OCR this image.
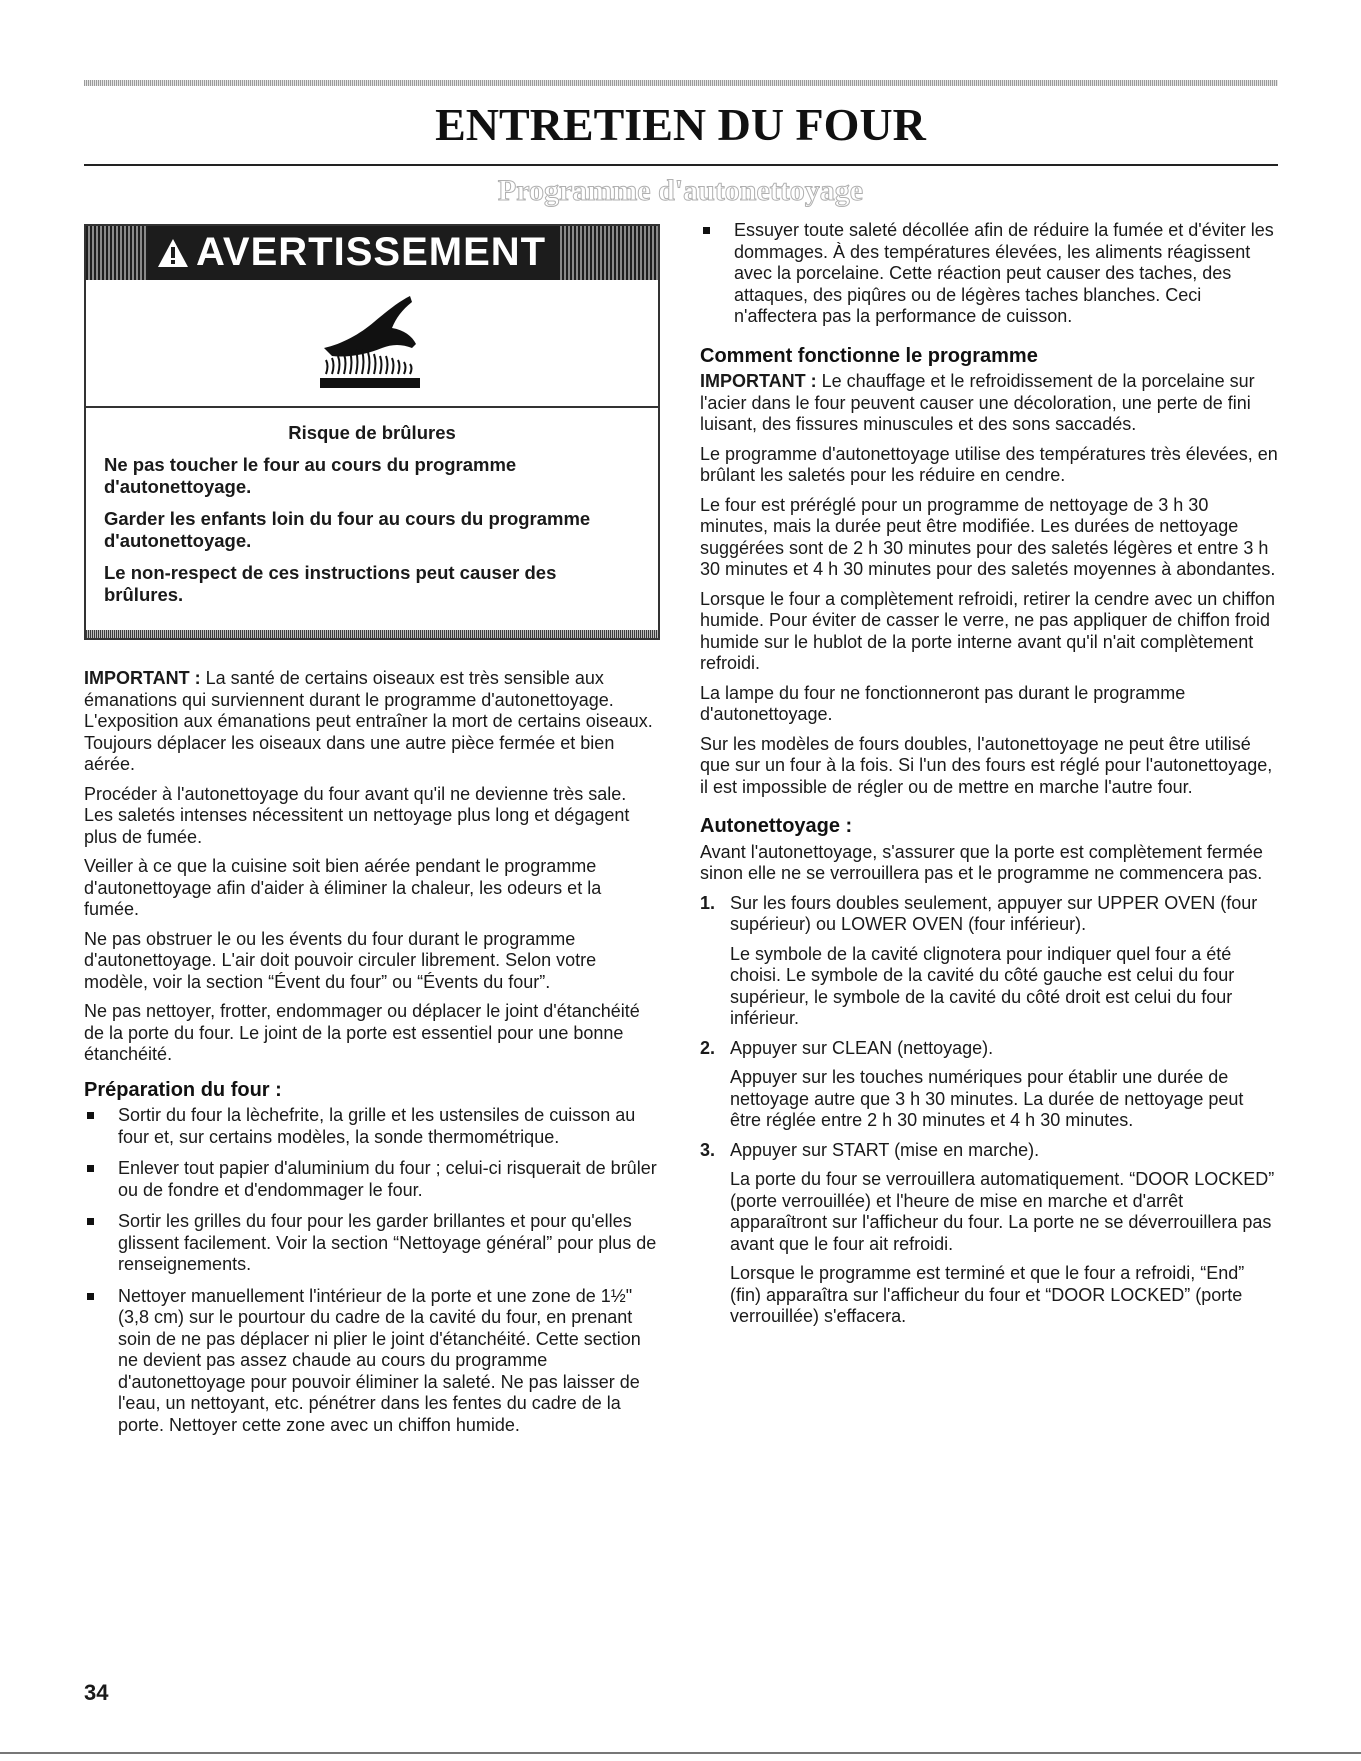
ENTRETIEN DU FOUR
Programme d'autonettoyage
AVERTISSEMENT

Risque de brûlures

Ne pas toucher le four au cours du programme d'autonettoyage.

Garder les enfants loin du four au cours du programme d'autonettoyage.

Le non-respect de ces instructions peut causer des brûlures.

IMPORTANT : La santé de certains oiseaux est très sensible aux émanations qui surviennent durant le programme d'autonettoyage. L'exposition aux émanations peut entraîner la mort de certains oiseaux. Toujours déplacer les oiseaux dans une autre pièce fermée et bien aérée.

Procéder à l'autonettoyage du four avant qu'il ne devienne très sale. Les saletés intenses nécessitent un nettoyage plus long et dégagent plus de fumée.

Veiller à ce que la cuisine soit bien aérée pendant le programme d'autonettoyage afin d'aider à éliminer la chaleur, les odeurs et la fumée.

Ne pas obstruer le ou les évents du four durant le programme d'autonettoyage. L'air doit pouvoir circuler librement. Selon votre modèle, voir la section “Évent du four” ou “Évents du four”.

Ne pas nettoyer, frotter, endommager ou déplacer le joint d'étanchéité de la porte du four. Le joint de la porte est essentiel pour une bonne étanchéité.

Préparation du four :
Sortir du four la lèchefrite, la grille et les ustensiles de cuisson au four et, sur certains modèles, la sonde thermométrique.
Enlever tout papier d'aluminium du four ; celui-ci risquerait de brûler ou de fondre et d'endommager le four.
Sortir les grilles du four pour les garder brillantes et pour qu'elles glissent facilement. Voir la section “Nettoyage général” pour plus de renseignements.
Nettoyer manuellement l'intérieur de la porte et une zone de 1½" (3,8 cm) sur le pourtour du cadre de la cavité du four, en prenant soin de ne pas déplacer ni plier le joint d'étanchéité. Cette section ne devient pas assez chaude au cours du programme d'autonettoyage pour pouvoir éliminer la saleté. Ne pas laisser de l'eau, un nettoyant, etc. pénétrer dans les fentes du cadre de la porte. Nettoyer cette zone avec un chiffon humide.
Essuyer toute saleté décollée afin de réduire la fumée et d'éviter les dommages. À des températures élevées, les aliments réagissent avec la porcelaine. Cette réaction peut causer des taches, des attaques, des piqûres ou de légères taches blanches. Ceci n'affectera pas la performance de cuisson.
Comment fonctionne le programme

IMPORTANT : Le chauffage et le refroidissement de la porcelaine sur l'acier dans le four peuvent causer une décoloration, une perte de fini luisant, des fissures minuscules et des sons saccadés.

Le programme d'autonettoyage utilise des températures très élevées, en brûlant les saletés pour les réduire en cendre.

Le four est préréglé pour un programme de nettoyage de 3 h 30 minutes, mais la durée peut être modifiée. Les durées de nettoyage suggérées sont de 2 h 30 minutes pour des saletés légères et entre 3 h 30 minutes et 4 h 30 minutes pour des saletés moyennes à abondantes.

Lorsque le four a complètement refroidi, retirer la cendre avec un chiffon humide. Pour éviter de casser le verre, ne pas appliquer de chiffon froid humide sur le hublot de la porte interne avant qu'il n'ait complètement refroidi.

La lampe du four ne fonctionneront pas durant le programme d'autonettoyage.

Sur les modèles de fours doubles, l'autonettoyage ne peut être utilisé que sur un four à la fois. Si l'un des fours est réglé pour l'autonettoyage, il est impossible de régler ou de mettre en marche l'autre four.

Autonettoyage :

Avant l'autonettoyage, s'assurer que la porte est complètement fermée sinon elle ne se verrouillera pas et le programme ne commencera pas.

1. Sur les fours doubles seulement, appuyer sur UPPER OVEN (four supérieur) ou LOWER OVEN (four inférieur).

Le symbole de la cavité clignotera pour indiquer quel four a été choisi. Le symbole de la cavité du côté gauche est celui du four supérieur, le symbole de la cavité du côté droit est celui du four inférieur.

2. Appuyer sur CLEAN (nettoyage).

Appuyer sur les touches numériques pour établir une durée de nettoyage autre que 3 h 30 minutes. La durée de nettoyage peut être réglée entre 2 h 30 minutes et 4 h 30 minutes.

3. Appuyer sur START (mise en marche).

La porte du four se verrouillera automatiquement. “DOOR LOCKED” (porte verrouillée) et l'heure de mise en marche et d'arrêt apparaîtront sur l'afficheur du four. La porte ne se déverrouillera pas avant que le four ait refroidi.

Lorsque le programme est terminé et que le four a refroidi, “End” (fin) apparaîtra sur l'afficheur du four et “DOOR LOCKED” (porte verrouillée) s'effacera.

34
